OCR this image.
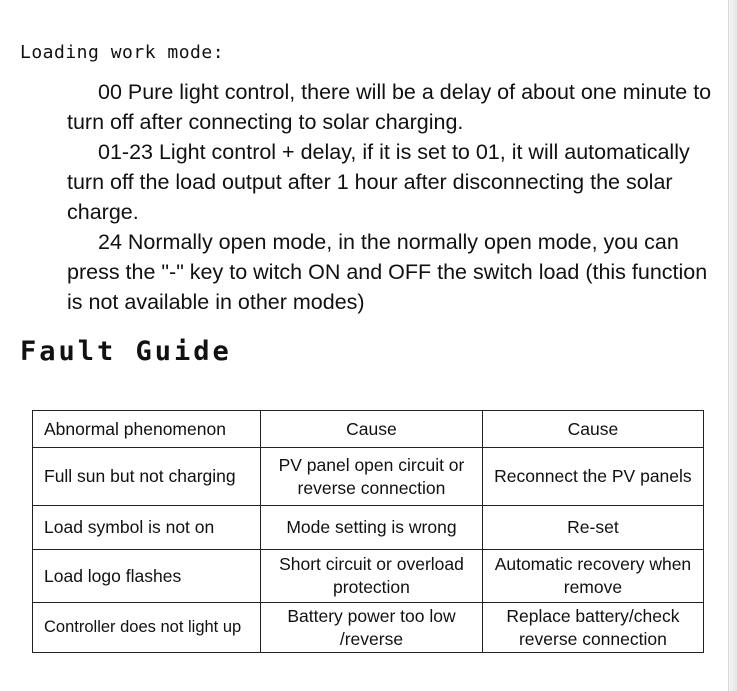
Loading work mode:

00 Pure light control, there will be a delay of about one minute to turn off after connecting to solar charging.

01-23 Light control + delay, if it is set to 01, it will automatically turn off the load output after 1 hour after disconnecting the solar charge.

24 Normally open mode, in the normally open mode, you can press the "-" key to witch ON and OFF the switch load (this function is not available in other modes)

Fault Guide
Abnormal phenomenon	Cause	Cause
Full sun but not charging	PV panel open circuit or reverse connection	Reconnect the PV panels
Load symbol is not on	Mode setting is wrong	Re-set
Load logo flashes	Short circuit or overload protection	Automatic recovery when remove
Controller does not light up	Battery power too low /reverse	Replace battery/check reverse connection
